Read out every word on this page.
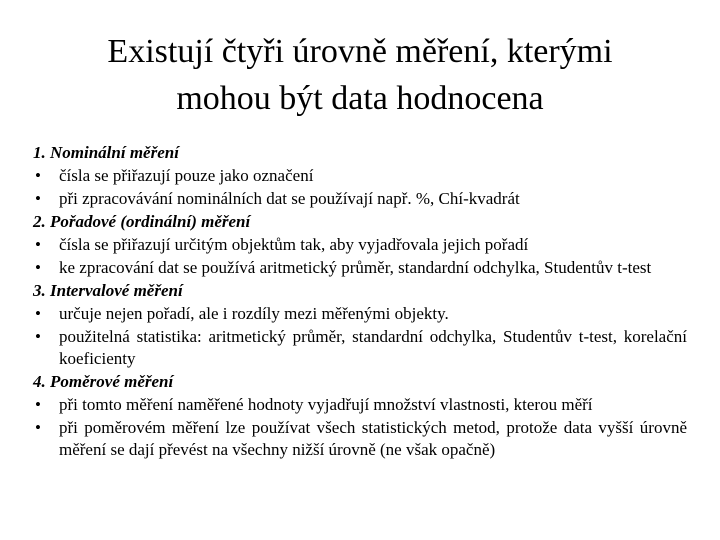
Existují čtyři úrovně měření, kterými
mohou být data hodnocena
1. Nominální měření
•	čísla se přiřazují pouze jako označení
•	při zpracovávání nominálních dat se používají např. %, Chí-kvadrát
2. Pořadové (ordinální) měření
•	čísla se přiřazují určitým objektům tak, aby vyjadřovala jejich pořadí
•	ke zpracování dat se používá aritmetický průměr, standardní odchylka, Studentův t-test
3. Intervalové měření
•	určuje nejen pořadí, ale i rozdíly mezi měřenými objekty.
•	použitelná statistika: aritmetický průměr, standardní odchylka, Studentův t-test, korelační koeficienty
4. Poměrové měření
•	při tomto měření naměřené hodnoty vyjadřují množství vlastnosti, kterou měří
•	při poměrovém měření lze používat všech statistických metod, protože data vyšší úrovně měření se dají převést na všechny nižší úrovně (ne však opačně)
